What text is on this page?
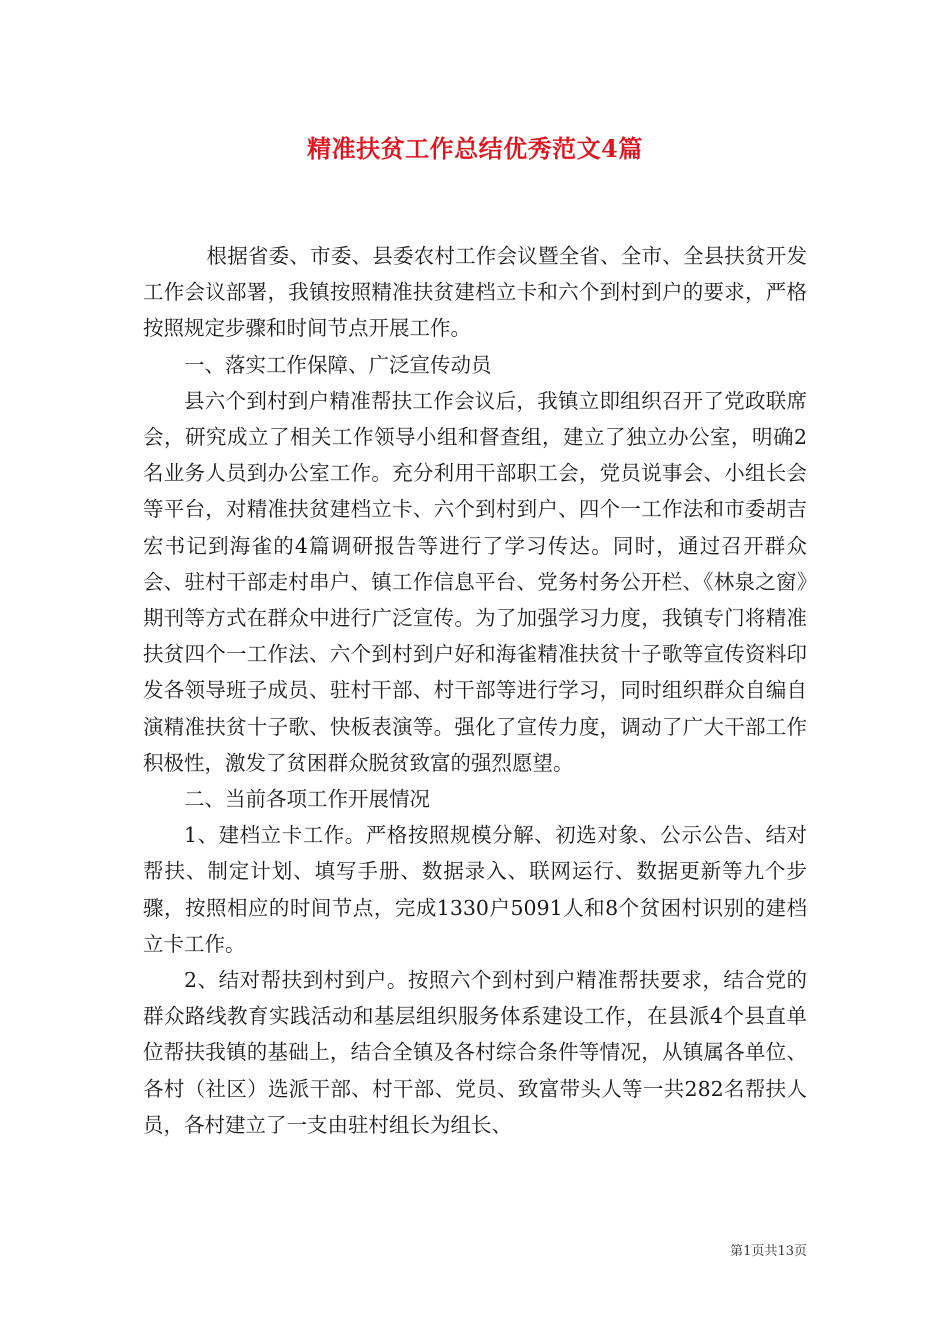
精准扶贫工作总结优秀范文4篇

根据省委、市委、县委农村工作会议暨全省、全市、全县扶贫开发工作会议部署，我镇按照精准扶贫建档立卡和六个到村到户的要求，严格按照规定步骤和时间节点开展工作。

一、落实工作保障、广泛宣传动员

县六个到村到户精准帮扶工作会议后，我镇立即组织召开了党政联席会，研究成立了相关工作领导小组和督查组，建立了独立办公室，明确2名业务人员到办公室工作。充分利用干部职工会，党员说事会、小组长会等平台，对精准扶贫建档立卡、六个到村到户、四个一工作法和市委胡吉宏书记到海雀的4篇调研报告等进行了学习传达。同时，通过召开群众会、驻村干部走村串户、镇工作信息平台、党务村务公开栏、《林泉之窗》期刊等方式在群众中进行广泛宣传。为了加强学习力度，我镇专门将精准扶贫四个一工作法、六个到村到户好和海雀精准扶贫十子歌等宣传资料印发各领导班子成员、驻村干部、村干部等进行学习，同时组织群众自编自演精准扶贫十子歌、快板表演等。强化了宣传力度，调动了广大干部工作积极性，激发了贫困群众脱贫致富的强烈愿望。

二、当前各项工作开展情况

1、建档立卡工作。严格按照规模分解、初选对象、公示公告、结对帮扶、制定计划、填写手册、数据录入、联网运行、数据更新等九个步骤，按照相应的时间节点，完成1330户5091人和8个贫困村识别的建档立卡工作。

2、结对帮扶到村到户。按照六个到村到户精准帮扶要求，结合党的群众路线教育实践活动和基层组织服务体系建设工作，在县派4个县直单位帮扶我镇的基础上，结合全镇及各村综合条件等情况，从镇属各单位、各村（社区）选派干部、村干部、党员、致富带头人等一共282名帮扶人员，各村建立了一支由驻村组长为组长、

第1页共13页
